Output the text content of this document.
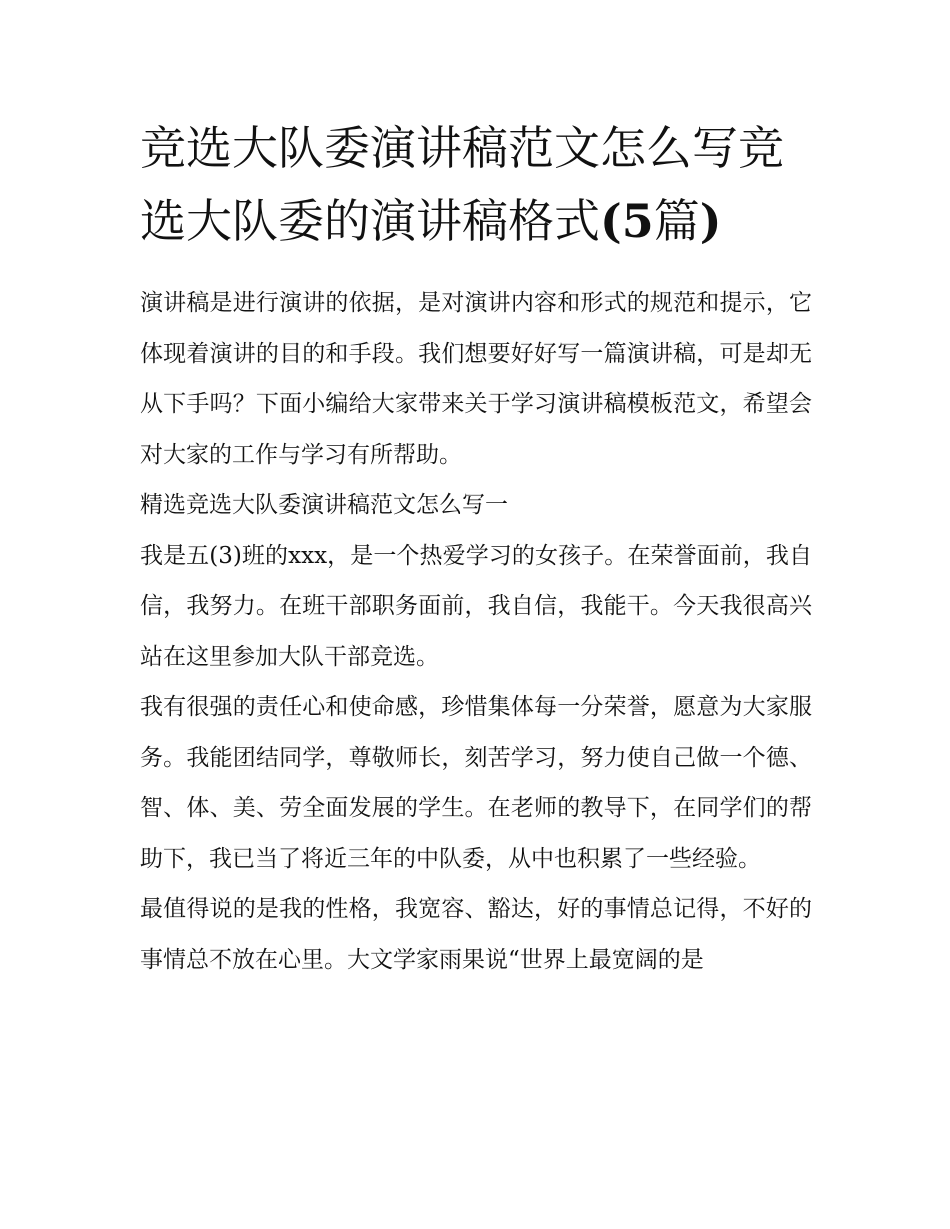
竞选大队委演讲稿范文怎么写竞选大队委的演讲稿格式(5篇)

演讲稿是进行演讲的依据，是对演讲内容和形式的规范和提示，它体现着演讲的目的和手段。我们想要好好写一篇演讲稿，可是却无从下手吗？下面小编给大家带来关于学习演讲稿模板范文，希望会对大家的工作与学习有所帮助。

精选竞选大队委演讲稿范文怎么写一

我是五(3)班的xxx，是一个热爱学习的女孩子。在荣誉面前，我自信，我努力。在班干部职务面前，我自信，我能干。今天我很高兴站在这里参加大队干部竞选。

我有很强的责任心和使命感，珍惜集体每一分荣誉，愿意为大家服务。我能团结同学，尊敬师长，刻苦学习，努力使自己做一个德、智、体、美、劳全面发展的学生。在老师的教导下，在同学们的帮助下，我已当了将近三年的中队委，从中也积累了一些经验。

最值得说的是我的性格，我宽容、豁达，好的事情总记得，不好的事情总不放在心里。大文学家雨果说“世界上最宽阔的是
